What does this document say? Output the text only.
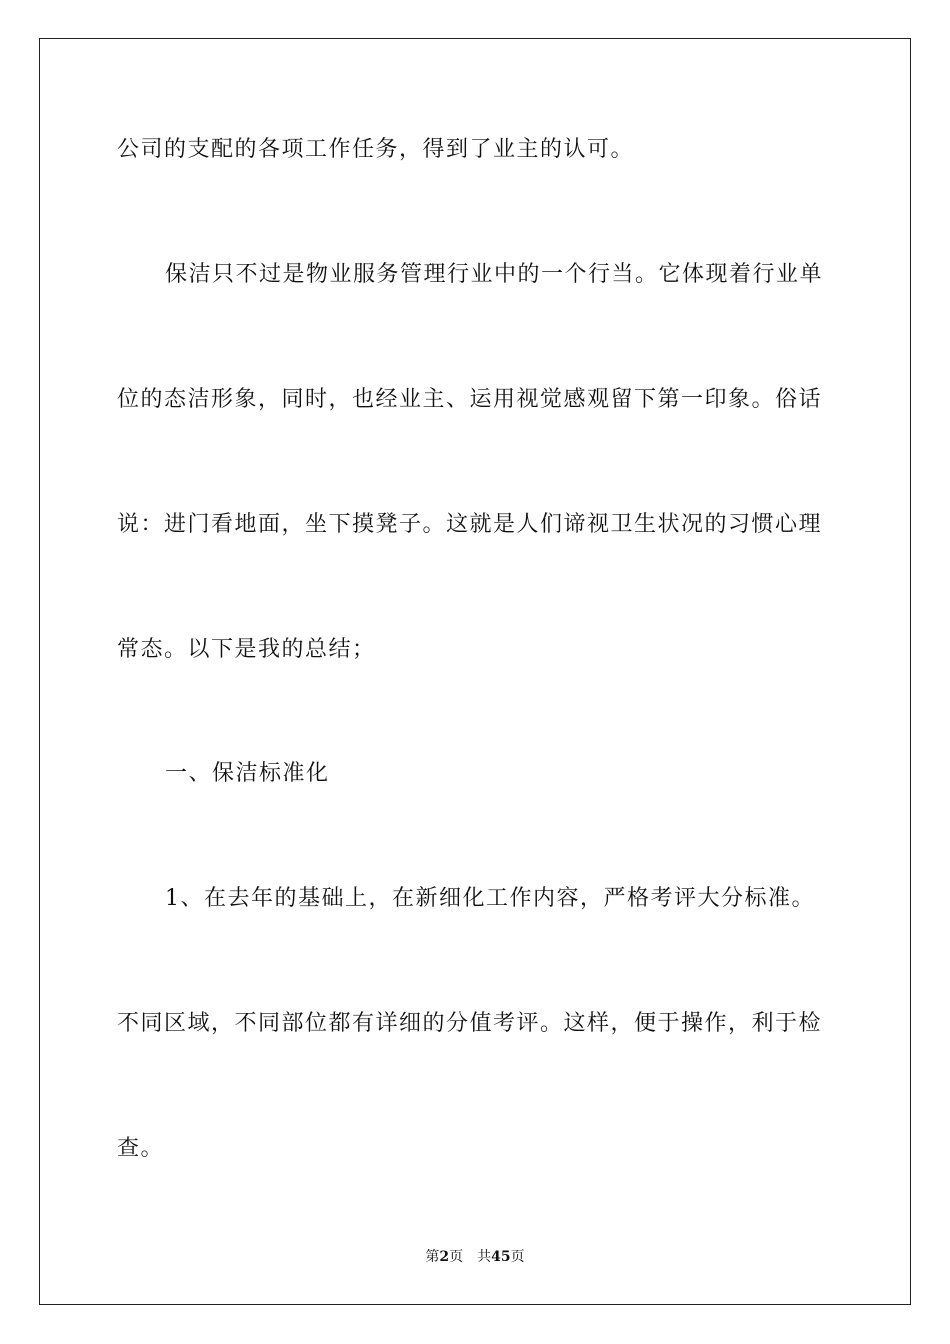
公司的支配的各项工作任务，得到了业主的认可。
保洁只不过是物业服务管理行业中的一个行当。它体现着行业单
位的态洁形象，同时，也经业主、运用视觉感观留下第一印象。俗话
说：进门看地面，坐下摸凳子。这就是人们谛视卫生状况的习惯心理
常态。以下是我的总结；
一、保洁标准化
1、在去年的基础上，在新细化工作内容，严格考评大分标准。
不同区域，不同部位都有详细的分值考评。这样，便于操作，利于检
查。
第2页 共45页
